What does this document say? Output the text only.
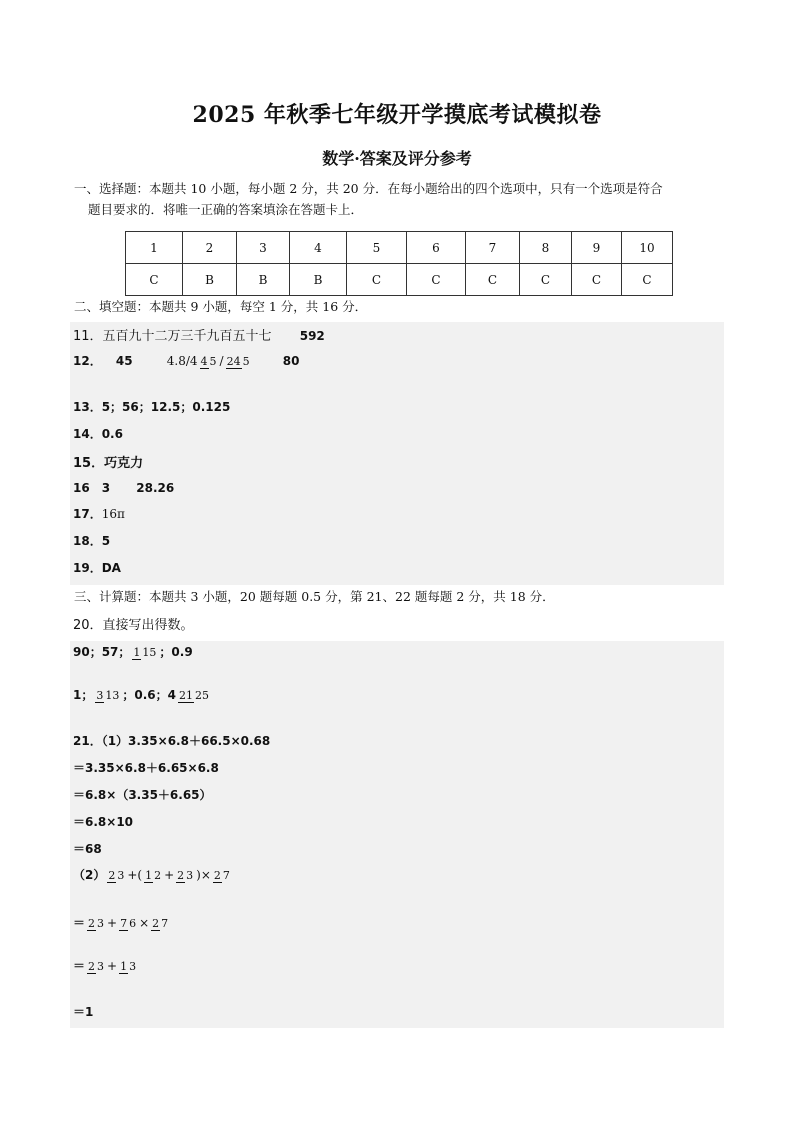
2025 年秋季七年级开学摸底考试模拟卷
数学·答案及评分参考
一、选择题：本题共 10 小题，每小题 2 分，共 20 分．在每小题给出的四个选项中，只有一个选项是符合
题目要求的．将唯一正确的答案填涂在答题卡上．
1	2	3	4	5	6	7	8	9	10
C	B	B	B	C	C	C	C	C	C
二、填空题：本题共 9 小题，每空 1 分，共 16 分．
11．五百九十二万三千九百五十七 592
12． 45	4.8/4 4 5 / 24 5	80
13．5；56；12.5；0.125
14．0.6
15．巧克力
16　3 28.26
17．16π
18．5
19．DA
三、计算题：本题共 3 小题，20 题每题 0.5 分，第 21、22 题每题 2 分，共 18 分．
20．直接写出得数。
90；57； 1 15 ；0.9
1； 3 13 ；0.6；4 21 25
21．（1）3.35×6.8＋66.5×0.68
＝3.35×6.8＋6.65×6.8
＝6.8×（3.35＋6.65）
＝6.8×10
＝68
（2） 2 3 +( 1 2 + 2 3 )× 2 7
＝ 2 3 + 7 6 × 2 7
＝ 2 3 + 1 3
＝1
